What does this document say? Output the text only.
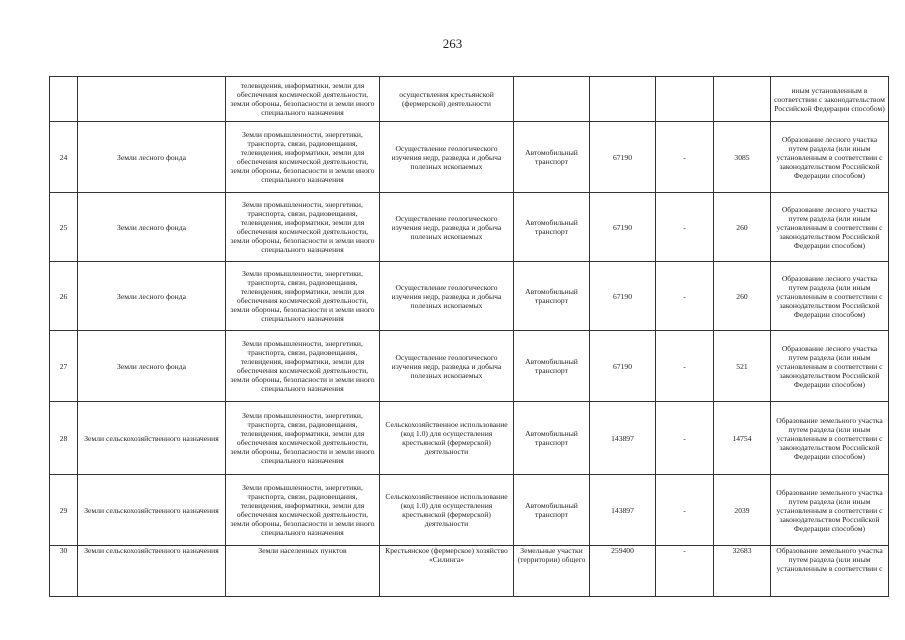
263
		телевидения, информатики, земли для обеспечения космической деятельности, земли обороны, безопасности и земли иного специального назначения	осуществления крестьянской (фермерской) деятельности					иным установленным в соответствии с законодательством Российской Федерации способом)
24	Земли лесного фонда	Земли промышленности, энергетики, транспорта, связи, радиовещания, телевидения, информатики, земли для обеспечения космической деятельности, земли обороны, безопасности и земли иного специального назначения	Осуществление геологического изучения недр, разведка и добыча полезных ископаемых	Автомобильный транспорт	67190	-	3085	Образование лесного участка путем раздела (или иным установленным в соответствии с законодательством Российской Федерации способом)
25	Земли лесного фонда	Земли промышленности, энергетики, транспорта, связи, радиовещания, телевидения, информатики, земли для обеспечения космической деятельности, земли обороны, безопасности и земли иного специального назначения	Осуществление геологического изучения недр, разведка и добыча полезных ископаемых	Автомобильный транспорт	67190	-	260	Образование лесного участка путем раздела (или иным установленным в соответствии с законодательством Российской Федерации способом)
26	Земли лесного фонда	Земли промышленности, энергетики, транспорта, связи, радиовещания, телевидения, информатики, земли для обеспечения космической деятельности, земли обороны, безопасности и земли иного специального назначения	Осуществление геологического изучения недр, разведка и добыча полезных ископаемых	Автомобильный транспорт	67190	-	260	Образование лесного участка путем раздела (или иным установленным в соответствии с законодательством Российской Федерации способом)
27	Земли лесного фонда	Земли промышленности, энергетики, транспорта, связи, радиовещания, телевидения, информатики, земли для обеспечения космической деятельности, земли обороны, безопасности и земли иного специального назначения	Осуществление геологического изучения недр, разведка и добыча полезных ископаемых	Автомобильный транспорт	67190	-	521	Образование лесного участка путем раздела (или иным установленным в соответствии с законодательством Российской Федерации способом)
28	Земли сельскохозяйственного назначения	Земли промышленности, энергетики, транспорта, связи, радиовещания, телевидения, информатики, земли для обеспечения космической деятельности, земли обороны, безопасности и земли иного специального назначения	Сельскохозяйственное использование (код 1.0) для осуществления крестьянской (фермерской) деятельности	Автомобильный транспорт	143897	-	14754	Образование земельного участка путем раздела (или иным установленным в соответствии с законодательством Российской Федерации способом)
29	Земли сельскохозяйственного назначения	Земли промышленности, энергетики, транспорта, связи, радиовещания, телевидения, информатики, земли для обеспечения космической деятельности, земли обороны, безопасности и земли иного специального назначения	Сельскохозяйственное использование (код 1.0) для осуществления крестьянской (фермерской) деятельности	Автомобильный транспорт	143897	-	2039	Образование земельного участка путем раздела (или иным установленным в соответствии с законодательством Российской Федерации способом)
30	Земли сельскохозяйственного назначения	Земли населенных пунктов	Крестьянское (фермерское) хозяйство «Силинга»	Земельные участки (территории) общего	259400	-	32683	Образование земельного участка путем раздела (или иным установленным в соответствии с
